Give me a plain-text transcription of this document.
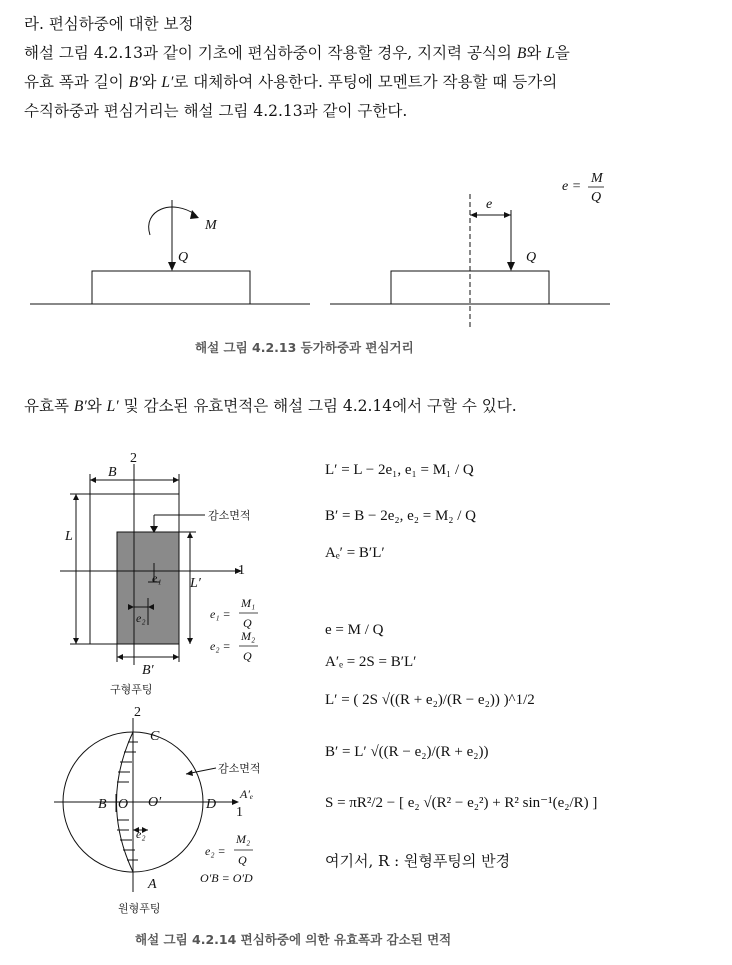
라. 편심하중에 대한 보정
해설 그림 4.2.13과 같이 기초에 편심하중이 작용할 경우, 지지력 공식의 B와 L을
유효 폭과 길이 B′와 L′로 대체하여 사용한다. 푸팅에 모멘트가 작용할 때 등가의
수직하중과 편심거리는 해설 그림 4.2.13과 같이 구한다.
M
Q
e
Q
e =
M
Q
해설 그림 4.2.13 등가하중과 편심거리
유효폭 B′와 L′ 및 감소된 유효면적은 해설 그림 4.2.14에서 구할 수 있다.
2
1
B
L
L′
B′
e₁
e₂
감소면적
e₁ =
M₁
Q
e₂ =
M₂
Q
구형푸팅
2
1
C
B O O′	D
A
A′ₑ
e₂
감소면적
e₂ =
M₂
Q
O′B = O′D
원형푸팅
해설 그림 4.2.14 편심하중에 의한 유효폭과 감소된 면적
L′ = L − 2e₁, e₁ = M₁ / Q
B′ = B − 2e₂, e₂ = M₂ / Q
Aₑ′ = B′L′
e = M / Q
A′ₑ = 2S = B′L′
L′ = ( 2S √((R + e₂)/(R − e₂)) )^1/2
B′ = L′ √((R − e₂)/(R + e₂))
S = πR²/2 − [ e₂ √(R² − e₂²) + R² sin⁻¹(e₂/R) ]
여기서, R : 원형푸팅의 반경
